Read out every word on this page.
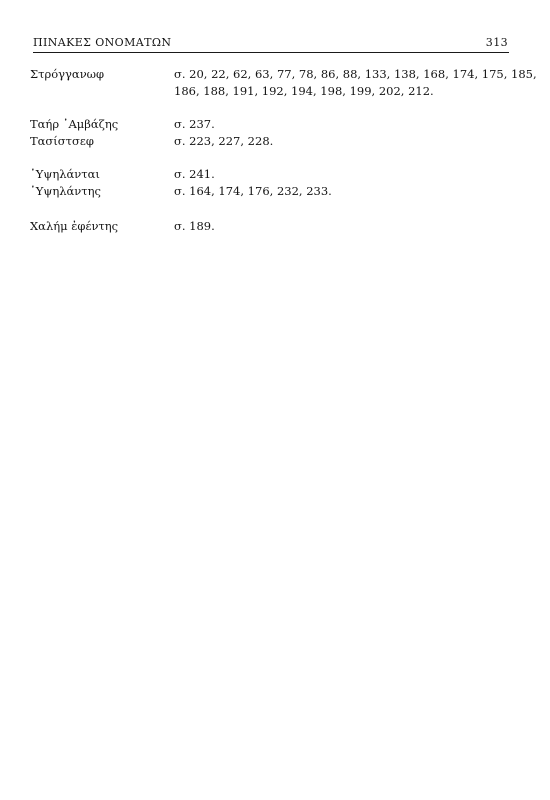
ΠΙΝΑΚΕΣ ΟΝΟΜΑΤΩΝ	313
Στρόγγανωφ	σ. 20, 22, 62, 63, 77, 78, 86, 88, 133, 138, 168, 174, 175, 185,
186, 188, 191, 192, 194, 198, 199, 202, 212.
Ταήρ ᾿Αμβάζης	σ. 237.
Τασίστσεφ	σ. 223, 227, 228.
῾Υψηλάνται	σ. 241.
῾Υψηλάντης	σ. 164, 174, 176, 232, 233.
Χαλήμ ἐφέντης	σ. 189.
